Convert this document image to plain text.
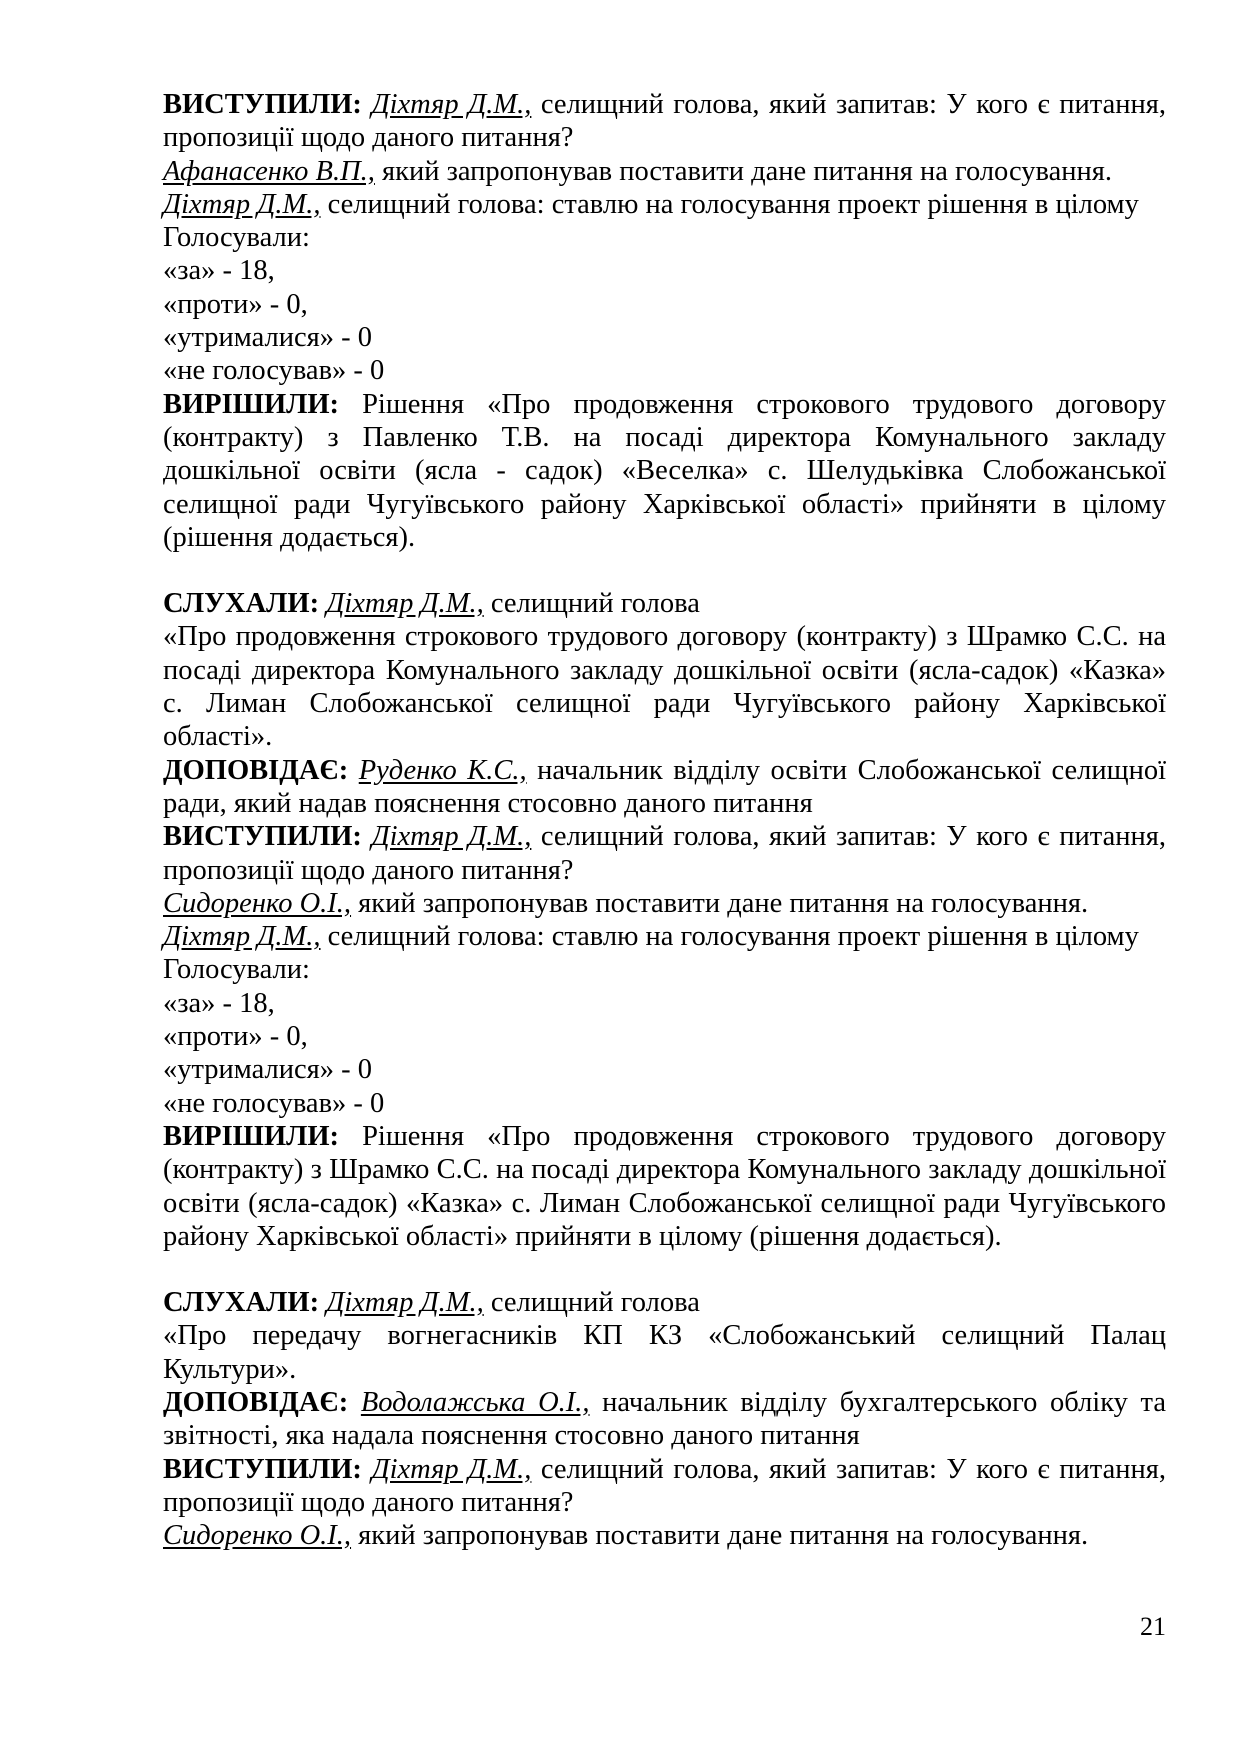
ВИСТУПИЛИ: Діхтяр Д.М., селищний голова, який запитав: У кого є питання, пропозиції щодо даного питання?

Афанасенко В.П., який запропонував поставити дане питання на голосування.

Діхтяр Д.М., селищний голова: ставлю на голосування проект рішення в цілому

Голосували:

«за» - 18,

«проти» - 0,

«утрималися» - 0

«не голосував» - 0

ВИРІШИЛИ: Рішення «Про продовження строкового трудового договору (контракту) з Павленко Т.В. на посаді директора Комунального закладу дошкільної освіти (ясла - садок) «Веселка» с. Шелудьківка Слобожанської селищної ради Чугуївського району Харківської області» прийняти в цілому (рішення додається).

СЛУХАЛИ: Діхтяр Д.М., селищний голова

«Про продовження строкового трудового договору (контракту) з Шрамко С.С. на посаді директора Комунального закладу дошкільної освіти (ясла-садок) «Казка» с. Лиман Слобожанської селищної ради Чугуївського району Харківської області».

ДОПОВІДАЄ: Руденко К.С., начальник відділу освіти Слобожанської селищної ради, який надав пояснення стосовно даного питання

ВИСТУПИЛИ: Діхтяр Д.М., селищний голова, який запитав: У кого є питання, пропозиції щодо даного питання?

Сидоренко О.І., який запропонував поставити дане питання на голосування.

Діхтяр Д.М., селищний голова: ставлю на голосування проект рішення в цілому

Голосували:

«за» - 18,

«проти» - 0,

«утрималися» - 0

«не голосував» - 0

ВИРІШИЛИ: Рішення «Про продовження строкового трудового договору (контракту) з Шрамко С.С. на посаді директора Комунального закладу дошкільної освіти (ясла-садок) «Казка» с. Лиман Слобожанської селищної ради Чугуївського району Харківської області» прийняти в цілому (рішення додається).

СЛУХАЛИ: Діхтяр Д.М., селищний голова

«Про передачу вогнегасників КП КЗ «Слобожанський селищний Палац Культури».

ДОПОВІДАЄ: Водолажська О.І., начальник відділу бухгалтерського обліку та звітності, яка надала пояснення стосовно даного питання

ВИСТУПИЛИ: Діхтяр Д.М., селищний голова, який запитав: У кого є питання, пропозиції щодо даного питання?

Сидоренко О.І., який запропонував поставити дане питання на голосування.

21
